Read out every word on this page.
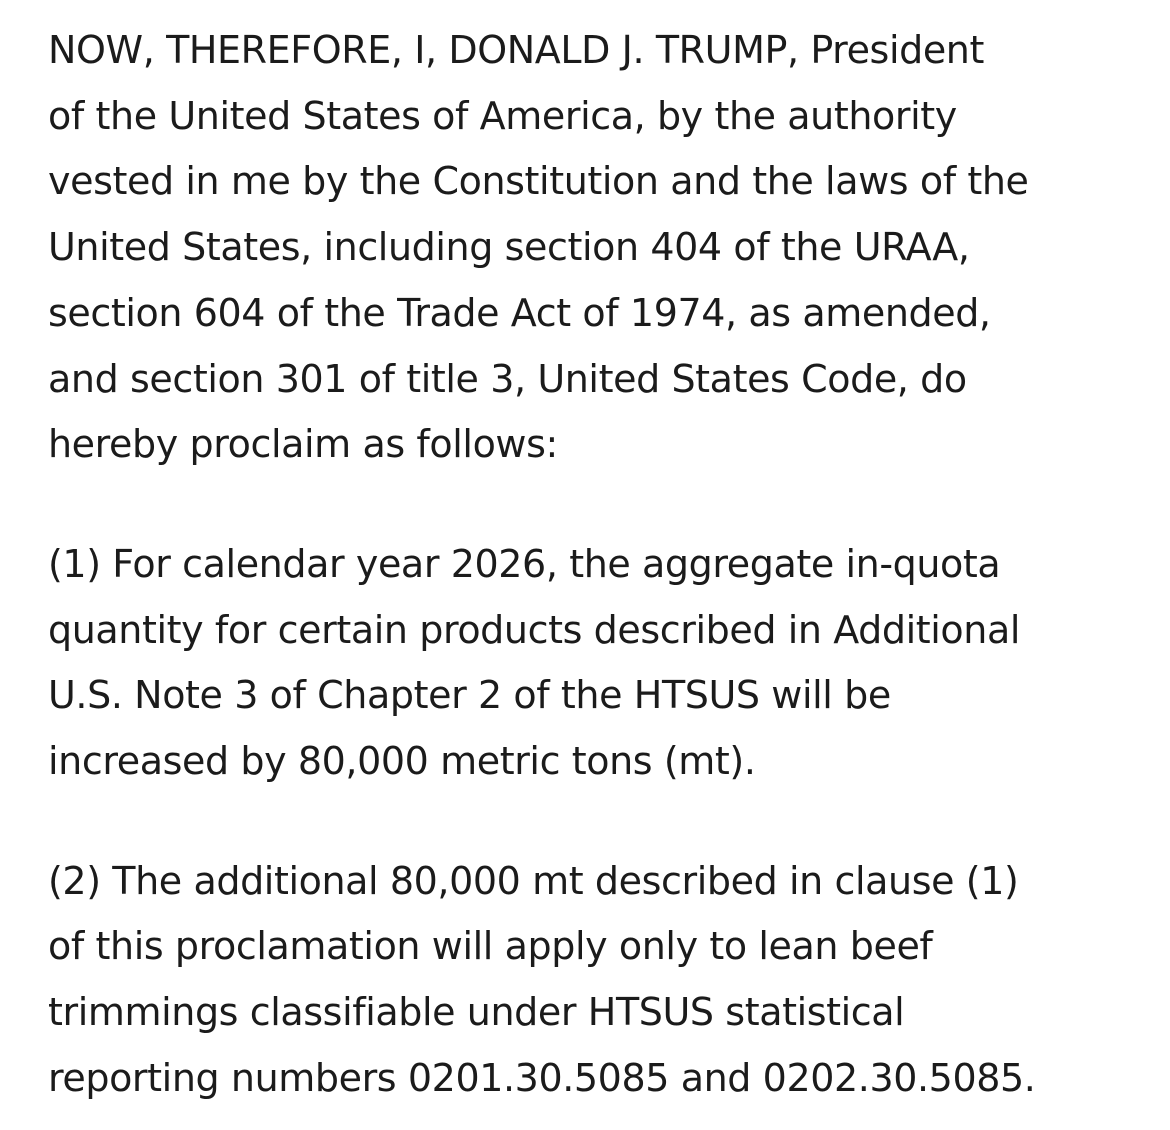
NOW, THEREFORE, I, DONALD J. TRUMP, President
of the United States of America, by the authority
vested in me by the Constitution and the laws of the
United States, including section 404 of the URAA,
section 604 of the Trade Act of 1974, as amended,
and section 301 of title 3, United States Code, do
hereby proclaim as follows:

(1) For calendar year 2026, the aggregate in-quota
quantity for certain products described in Additional
U.S. Note 3 of Chapter 2 of the HTSUS will be
increased by 80,000 metric tons (mt).

(2) The additional 80,000 mt described in clause (1)
of this proclamation will apply only to lean beef
trimmings classifiable under HTSUS statistical
reporting numbers 0201.30.5085 and 0202.30.5085.
